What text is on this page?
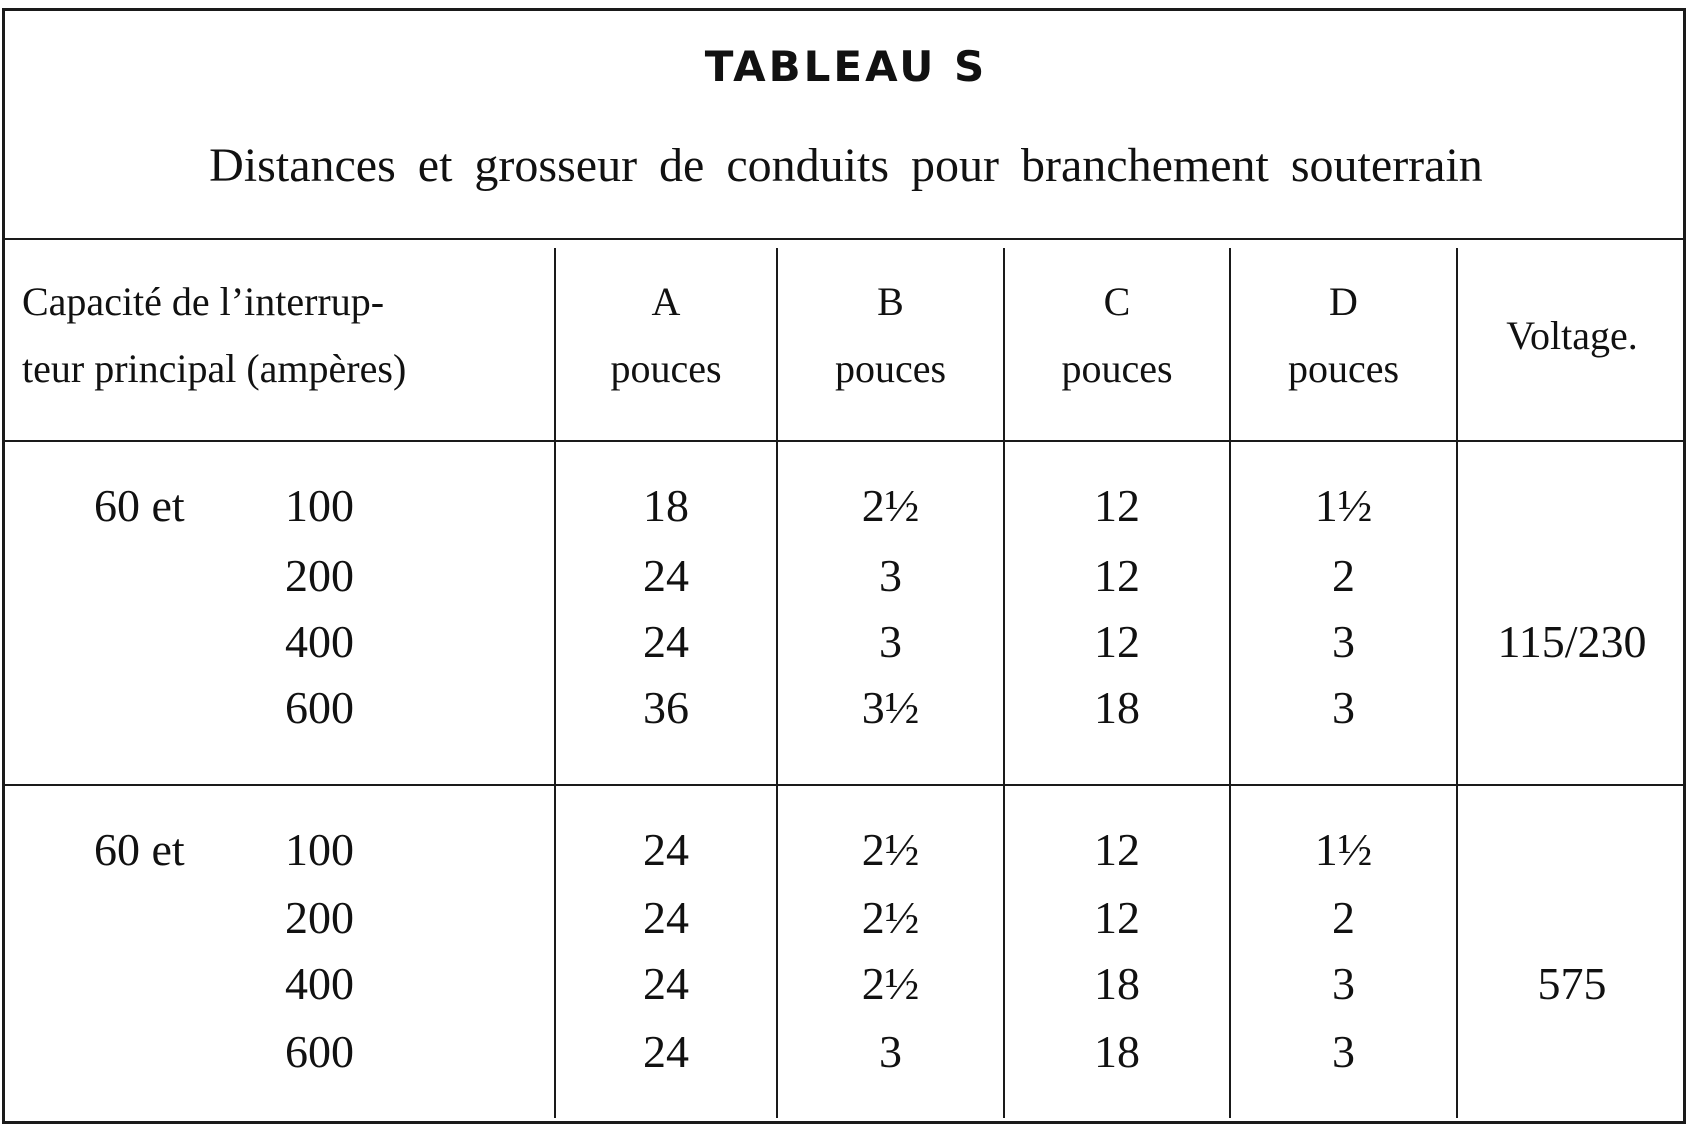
TABLEAU S
Distances et grosseur de conduits pour branchement souterrain
Capacité de l’interrup-
teur principal (ampères)
A
pouces
B
pouces
C
pouces
D
pouces
Voltage.
60 et 100
200
400
600
18
24
24
36
2½
3
3
3½
12
12
12
18
1½
2
3
3
115/230
60 et 100
200
400
600
24
24
24
24
2½
2½
2½
3
12
12
18
18
1½
2
3
3
575
